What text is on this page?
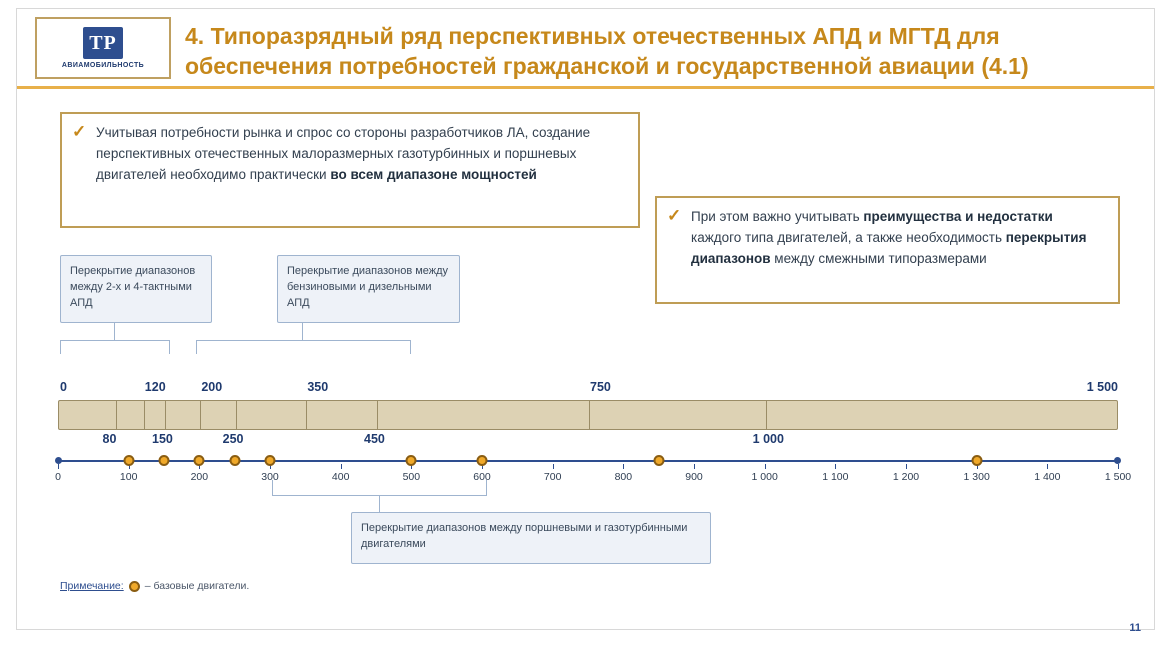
ТР
АВИАМОБИЛЬНОСТЬ
4. Типоразрядный ряд перспективных отечественных АПД и МГТД для обеспечения потребностей гражданской и государственной авиации (4.1)
✓ Учитывая потребности рынка и спрос со стороны разработчиков ЛА, создание перспективных отечественных малоразмерных газотурбинных и поршневых двигателей необходимо практически во всем диапазоне мощностей
✓ При этом важно учитывать преимущества и недостатки каждого типа двигателей, а также необходимость перекрытия диапазонов между смежными типоразмерами
Перекрытие диапазонов между 2-х и 4-тактными АПД
Перекрытие диапазонов между бензиновыми и дизельными АПД
Перекрытие диапазонов между поршневыми и газотурбинными двигателями
0	120	200	350	750	1 500
80	150	250	450	1 000
0	100	200	300	400	500	600	700	800	900	1 000	1 100	1 200	1 300	1 400	1 500
Примечание: – базовые двигатели.
11
